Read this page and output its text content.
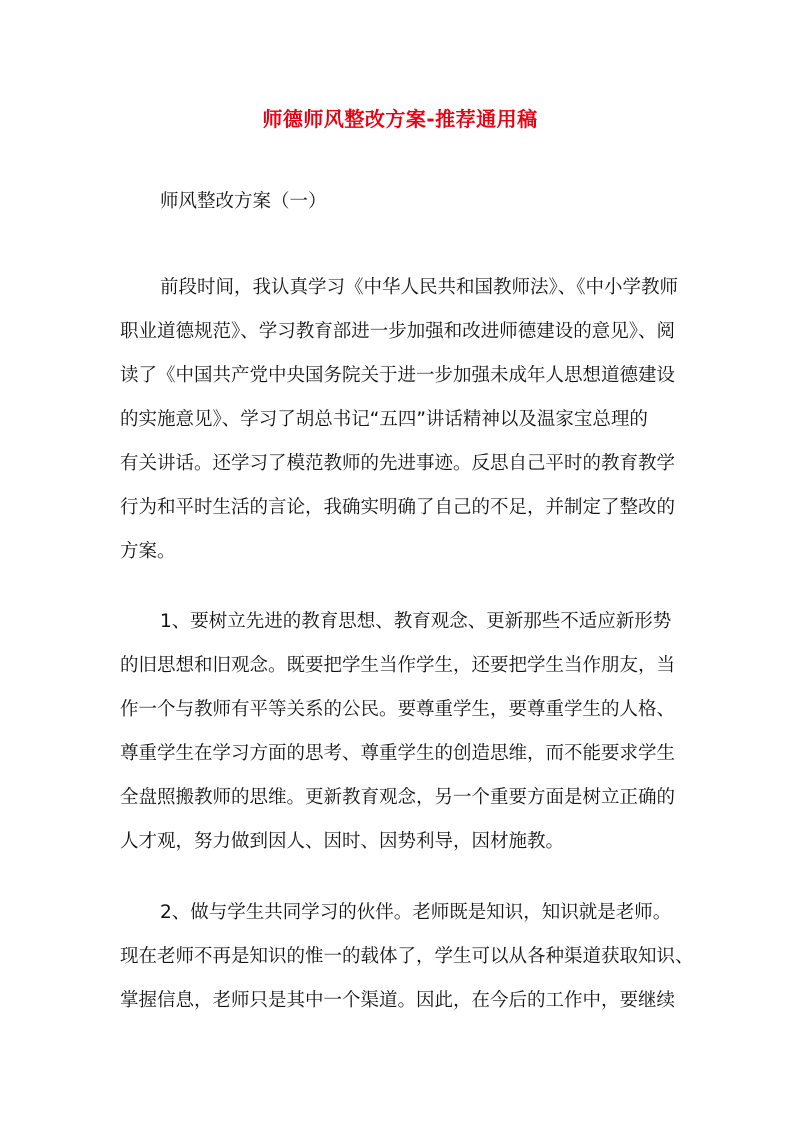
师德师风整改方案-推荐通用稿
师风整改方案（一）
前段时间，我认真学习《中华人民共和国教师法》、《中小学教师
职业道德规范》、学习教育部进一步加强和改进师德建设的意见》、阅
读了《中国共产党中央国务院关于进一步加强未成年人思想道德建设
的实施意见》、学习了胡总书记“五四”讲话精神以及温家宝总理的
有关讲话。还学习了模范教师的先进事迹。反思自己平时的教育教学
行为和平时生活的言论，我确实明确了自己的不足，并制定了整改的
方案。
1、要树立先进的教育思想、教育观念、更新那些不适应新形势
的旧思想和旧观念。既要把学生当作学生，还要把学生当作朋友，当
作一个与教师有平等关系的公民。要尊重学生，要尊重学生的人格、
尊重学生在学习方面的思考、尊重学生的创造思维，而不能要求学生
全盘照搬教师的思维。更新教育观念，另一个重要方面是树立正确的
人才观，努力做到因人、因时、因势利导，因材施教。
2、做与学生共同学习的伙伴。老师既是知识，知识就是老师。
现在老师不再是知识的惟一的载体了，学生可以从各种渠道获取知识、
掌握信息，老师只是其中一个渠道。因此，在今后的工作中，要继续
